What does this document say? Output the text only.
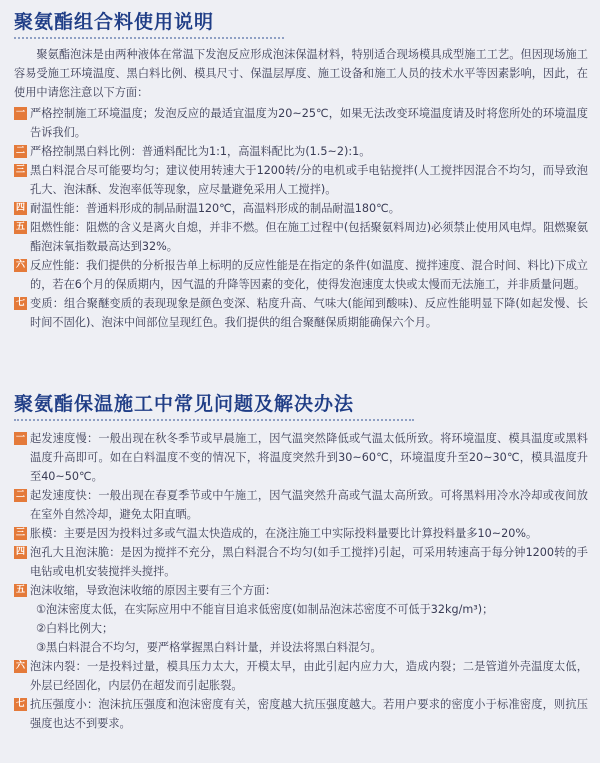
聚氨酯组合料使用说明

聚氨酯泡沫是由两种液体在常温下发泡反应形成泡沫保温材料，特别适合现场模具成型施工工艺。但因现场施工容易受施工环境温度、黑白料比例、模具尺寸、保温层厚度、施工设备和施工人员的技术水平等因素影响，因此，在使用中请您注意以下方面：

一 严格控制施工环境温度；发泡反应的最适宜温度为20~25℃，如果无法改变环境温度请及时将您所处的环境温度告诉我们。
二 严格控制黑白料比例：普通料配比为1:1，高温料配比为(1.5~2):1。
三 黑白料混合尽可能要均匀；建议使用转速大于1200转/分的电机或手电钻搅拌(人工搅拌因混合不均匀，而导致泡孔大、泡沫酥、发泡率低等现象，应尽量避免采用人工搅拌)。
四 耐温性能：普通料形成的制品耐温120℃，高温料形成的制品耐温180℃。
五 阻燃性能：阻燃的含义是离火自熄，并非不燃。但在施工过程中(包括聚氨料周边)必须禁止使用风电焊。阻燃聚氨酯泡沫氧指数最高达到32%。
六 反应性能：我们提供的分析报告单上标明的反应性能是在指定的条件(如温度、搅拌速度、混合时间、料比)下成立的，若在6个月的保质期内，因气温的升降等因素的变化，使得发泡速度太快或太慢而无法施工，并非质量问题。
七 变质：组合聚醚变质的表现现象是颜色变深、粘度升高、气味大(能闻到酸味)、反应性能明显下降(如起发慢、长时间不固化)、泡沫中间部位呈现红色。我们提供的组合聚醚保质期能确保六个月。
聚氨酯保温施工中常见问题及解决办法
一 起发速度慢：一般出现在秋冬季节或早晨施工，因气温突然降低或气温太低所致。将环境温度、模具温度或黑料温度升高即可。如在白料温度不变的情况下，将温度突然升到30~60℃，环境温度升至20~30℃，模具温度升至40~50℃。
二 起发速度快：一般出现在春夏季节或中午施工，因气温突然升高或气温太高所致。可将黑料用冷水冷却或夜间放在室外自然冷却，避免太阳直晒。
三 胀模：主要是因为投料过多或气温太快造成的，在浇注施工中实际投料量要比计算投料量多10~20%。
四 泡孔大且泡沫脆：是因为搅拌不充分，黑白料混合不均匀(如手工搅拌)引起，可采用转速高于每分钟1200转的手电钻或电机安装搅拌头搅拌。
五 泡沫收缩，导致泡沫收缩的原因主要有三个方面：
①泡沫密度太低，在实际应用中不能盲目追求低密度(如制品泡沫芯密度不可低于32kg/m³)；
②白料比例大；
③黑白料混合不均匀，要严格掌握黑白料计量，并设法将黑白料混匀。
六 泡沫内裂：一是投料过量，模具压力太大，开模太早，由此引起内应力大，造成内裂；二是管道外壳温度太低，外层已经固化，内层仍在超发而引起胀裂。
七 抗压强度小：泡沫抗压强度和泡沫密度有关，密度越大抗压强度越大。若用户要求的密度小于标准密度，则抗压强度也达不到要求。
